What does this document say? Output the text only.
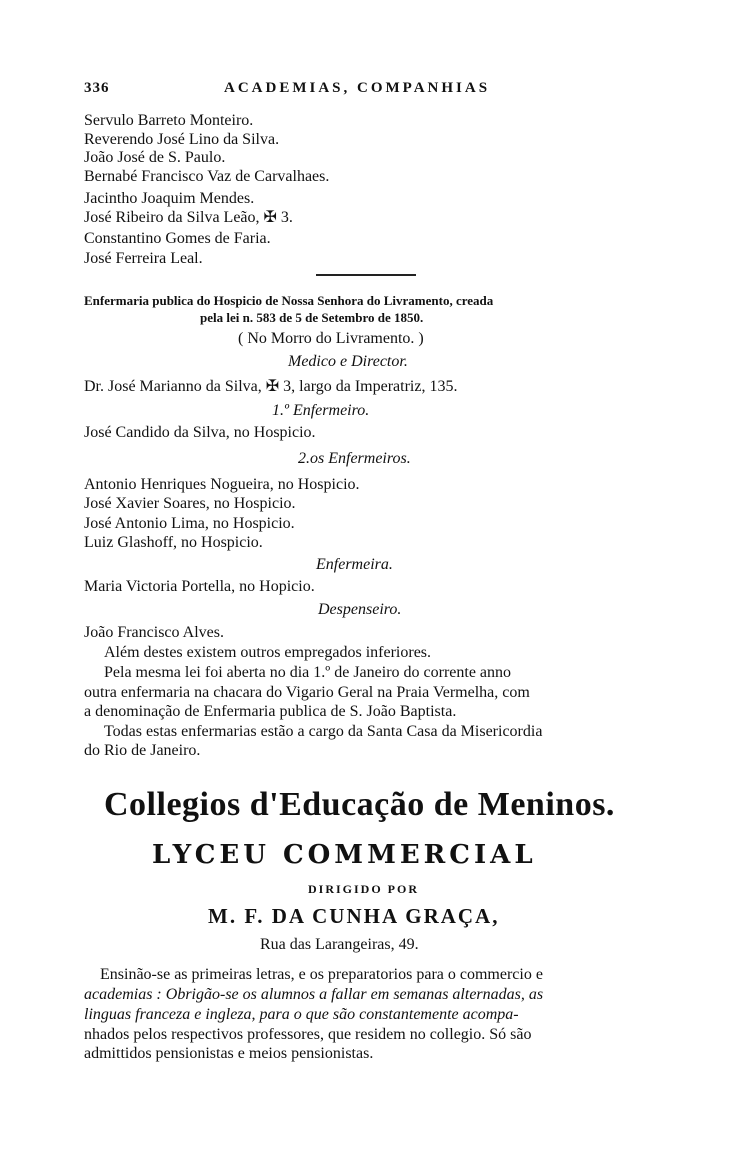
336	ACADEMIAS, COMPANHIAS
Servulo Barreto Monteiro.
Reverendo José Lino da Silva.
João José de S. Paulo.
Bernabé Francisco Vaz de Carvalhaes.
Jacintho Joaquim Mendes.
José Ribeiro da Silva Leão, ✠ 3.
Constantino Gomes de Faria.
José Ferreira Leal.
Enfermaria publica do Hospicio de Nossa Senhora do Livramento, creada
pela lei n. 583 de 5 de Setembro de 1850.
( No Morro do Livramento. )
Medico e Director.
Dr. José Marianno da Silva, ✠ 3, largo da Imperatriz, 135.
1.º Enfermeiro.
José Candido da Silva, no Hospicio.
2.os Enfermeiros.
Antonio Henriques Nogueira, no Hospicio.
José Xavier Soares, no Hospicio.
José Antonio Lima, no Hospicio.
Luiz Glashoff, no Hospicio.
Enfermeira.
Maria Victoria Portella, no Hopicio.
Despenseiro.
João Francisco Alves.
Além destes existem outros empregados inferiores.
Pela mesma lei foi aberta no dia 1.º de Janeiro do corrente anno
outra enfermaria na chacara do Vigario Geral na Praia Vermelha, com
a denominação de Enfermaria publica de S. João Baptista.
Todas estas enfermarias estão a cargo da Santa Casa da Misericordia
do Rio de Janeiro.
Collegios d'Educação de Meninos.
LYCEU COMMERCIAL
DIRIGIDO POR
M. F. DA CUNHA GRAÇA,
Rua das Larangeiras, 49.
Ensinão-se as primeiras letras, e os preparatorios para o commercio e
academias : Obrigão-se os alumnos a fallar em semanas alternadas, as
linguas franceza e ingleza, para o que são constantemente acompa-
nhados pelos respectivos professores, que residem no collegio. Só são
admittidos pensionistas e meios pensionistas.
